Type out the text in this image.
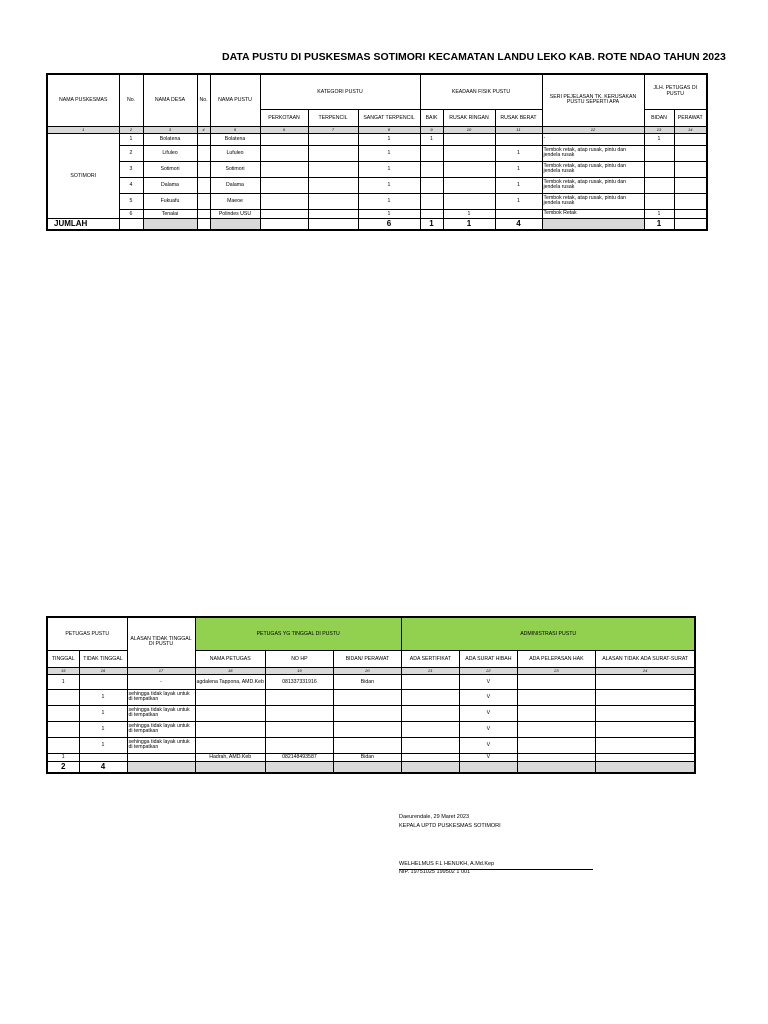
DATA PUSTU DI PUSKESMAS SOTIMORI KECAMATAN LANDU LEKO KAB. ROTE NDAO TAHUN 2023
NAMA PUSKESMAS	No.	NAMA DESA	No.	NAMA PUSTU	KATEGORI PUSTU			KEADAAN FISIK PUSTU			SERI PEJELASAN TK. KERUSAKAN PUSTU SEPERTI APA	JLH. PETUGAS DI PUSTU	
					PERKOTAAN	TERPENCIL	SANGAT TERPENCIL	BAIK	RUSAK RINGAN	RUSAK BERAT		BIDAN	PERAWAT
1	2	3	4	5	6	7	8	9	10	11	12	13	14
SOTIMORI	1	Bolatena		Bolatena			1	1			-	1	
	2	Lifuleo		Lufuleo			1			1	Tembok retak, atap rusak, pintu dan jendela rusak		
	3	Sotimori		Sotimori			1			1	Tembok retak, atap rusak, pintu dan jendela rusak		
	4	Dalama		Dalama			1			1	Tembok retak, atap rusak, pintu dan jendela rusak		
	5	Fukuafu		Maeoe			1			1	Tembok retak, atap rusak, pintu dan jendela rusak		
	6	Tenalai		Polindes USU			1		1		Tembok Retak	1	
JUMLAH							6	1	1	4		1	
PETUGAS PUSTU		ALASAN TIDAK TINGGAL DI PUSTU	PETUGAS YG TINGGAL DI PUSTU			ADMINISTRASI PUSTU			
TINGGAL	TIDAK TINGGAL		NAMA PETUGAS	NO HP	BIDAN/ PERAWAT	ADA SERTIFIKAT	ADA SURAT HIBAH	ADA PELEPASAN HAK	ALASAN TIDAK ADA SURAT-SURAT
15	16	17	18	19	20	21	22	23	24
1		-	agdalena Tappona, AMD.Keb	081337331916	Bidan		V		
	1	sehingga tidak layak untuk di tempatkan					V		
	1	sehingga tidak layak untuk di tempatkan					V		
	1	sehingga tidak layak untuk di tempatkan					V		
	1	sehingga tidak layak untuk di tempatkan					V		
1			Hadrah, AMD.Keb	082148493587	Bidan		V		
2	4								
Daeurendale, 29 Maret 2023
KEPALA UPTD PUSKESMAS SOTIMORI
WELHELMUS F.L HENUKH, A.Md.Kep
NIP. 19751025 199502 1 001
